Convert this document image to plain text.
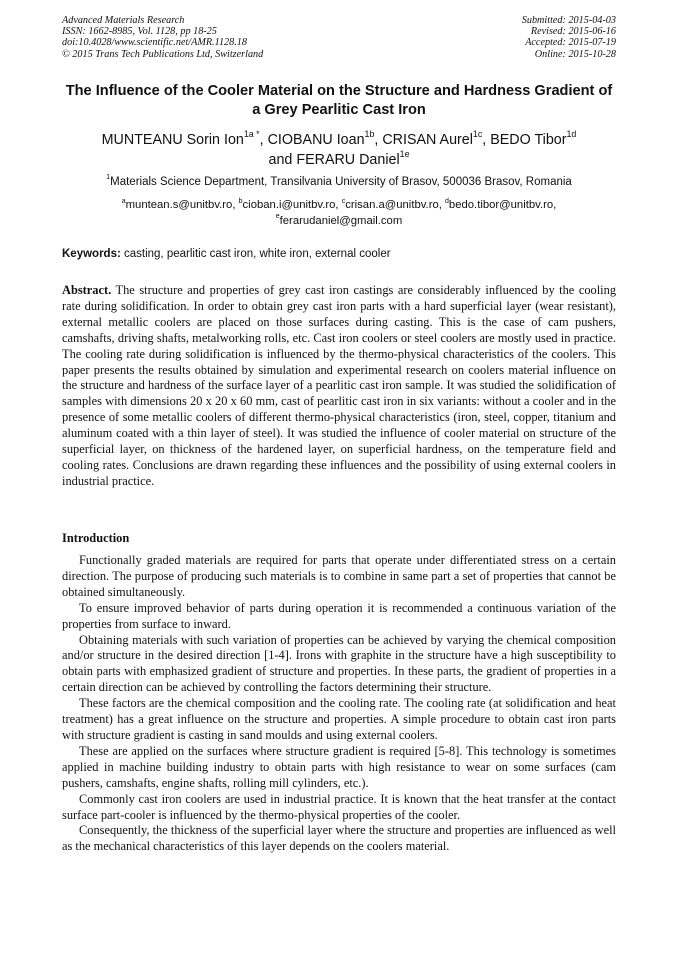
Advanced Materials Research
ISSN: 1662-8985, Vol. 1128, pp 18-25
doi:10.4028/www.scientific.net/AMR.1128.18
© 2015 Trans Tech Publications Ltd, Switzerland
Submitted: 2015-04-03
Revised: 2015-06-16
Accepted: 2015-07-19
Online: 2015-10-28
The Influence of the Cooler Material on the Structure and Hardness Gradient of a Grey Pearlitic Cast Iron
MUNTEANU Sorin Ion$^{1a *}$, CIOBANU Ioan$^{1b}$, CRISAN Aurel$^{1c}$, BEDO Tibor$^{1d}$
and FERARU Daniel$^{1e}$
$^1$Materials Science Department, Transilvania University of Brasov, 500036 Brasov, Romania
$^a$muntean.s@unitbv.ro, $^b$cioban.i@unitbv.ro, $^c$crisan.a@unitbv.ro, $^d$bedo.tibor@unitbv.ro,
$^e$ferarudaniel@gmail.com
Keywords: casting, pearlitic cast iron, white iron, external cooler
Abstract. The structure and properties of grey cast iron castings are considerably influenced by the cooling rate during solidification. In order to obtain grey cast iron parts with a hard superficial layer (wear resistant), external metallic coolers are placed on those surfaces during casting. This is the case of cam pushers, camshafts, driving shafts, metalworking rolls, etc. Cast iron coolers or steel coolers are mostly used in practice. The cooling rate during solidification is influenced by the thermo-physical characteristics of the coolers. This paper presents the results obtained by simulation and experimental research on coolers material influence on the structure and hardness of the surface layer of a pearlitic cast iron sample. It was studied the solidification of samples with dimensions 20 x 20 x 60 mm, cast of pearlitic cast iron in six variants: without a cooler and in the presence of some metallic coolers of different thermo-physical characteristics (iron, steel, copper, titanium and aluminum coated with a thin layer of steel). It was studied the influence of cooler material on structure of the superficial layer, on thickness of the hardened layer, on superficial hardness, on the temperature field and cooling rates. Conclusions are drawn regarding these influences and the possibility of using external coolers in industrial practice.
Introduction

Functionally graded materials are required for parts that operate under differentiated stress on a certain direction. The purpose of producing such materials is to combine in same part a set of properties that cannot be obtained simultaneously.

To ensure improved behavior of parts during operation it is recommended a continuous variation of the properties from surface to inward.

Obtaining materials with such variation of properties can be achieved by varying the chemical composition and/or structure in the desired direction [1-4]. Irons with graphite in the structure have a high susceptibility to obtain parts with emphasized gradient of structure and properties. In these parts, the gradient of properties in a certain direction can be achieved by controlling the factors determining their structure.

These factors are the chemical composition and the cooling rate. The cooling rate (at solidification and heat treatment) has a great influence on the structure and properties. A simple procedure to obtain cast iron parts with structure gradient is casting in sand moulds and using external coolers.

These are applied on the surfaces where structure gradient is required [5-8]. This technology is sometimes applied in machine building industry to obtain parts with high resistance to wear on some surfaces (cam pushers, camshafts, engine shafts, rolling mill cylinders, etc.).

Commonly cast iron coolers are used in industrial practice. It is known that the heat transfer at the contact surface part-cooler is influenced by the thermo-physical properties of the cooler.

Consequently, the thickness of the superficial layer where the structure and properties are influenced as well as the mechanical characteristics of this layer depends on the coolers material.
